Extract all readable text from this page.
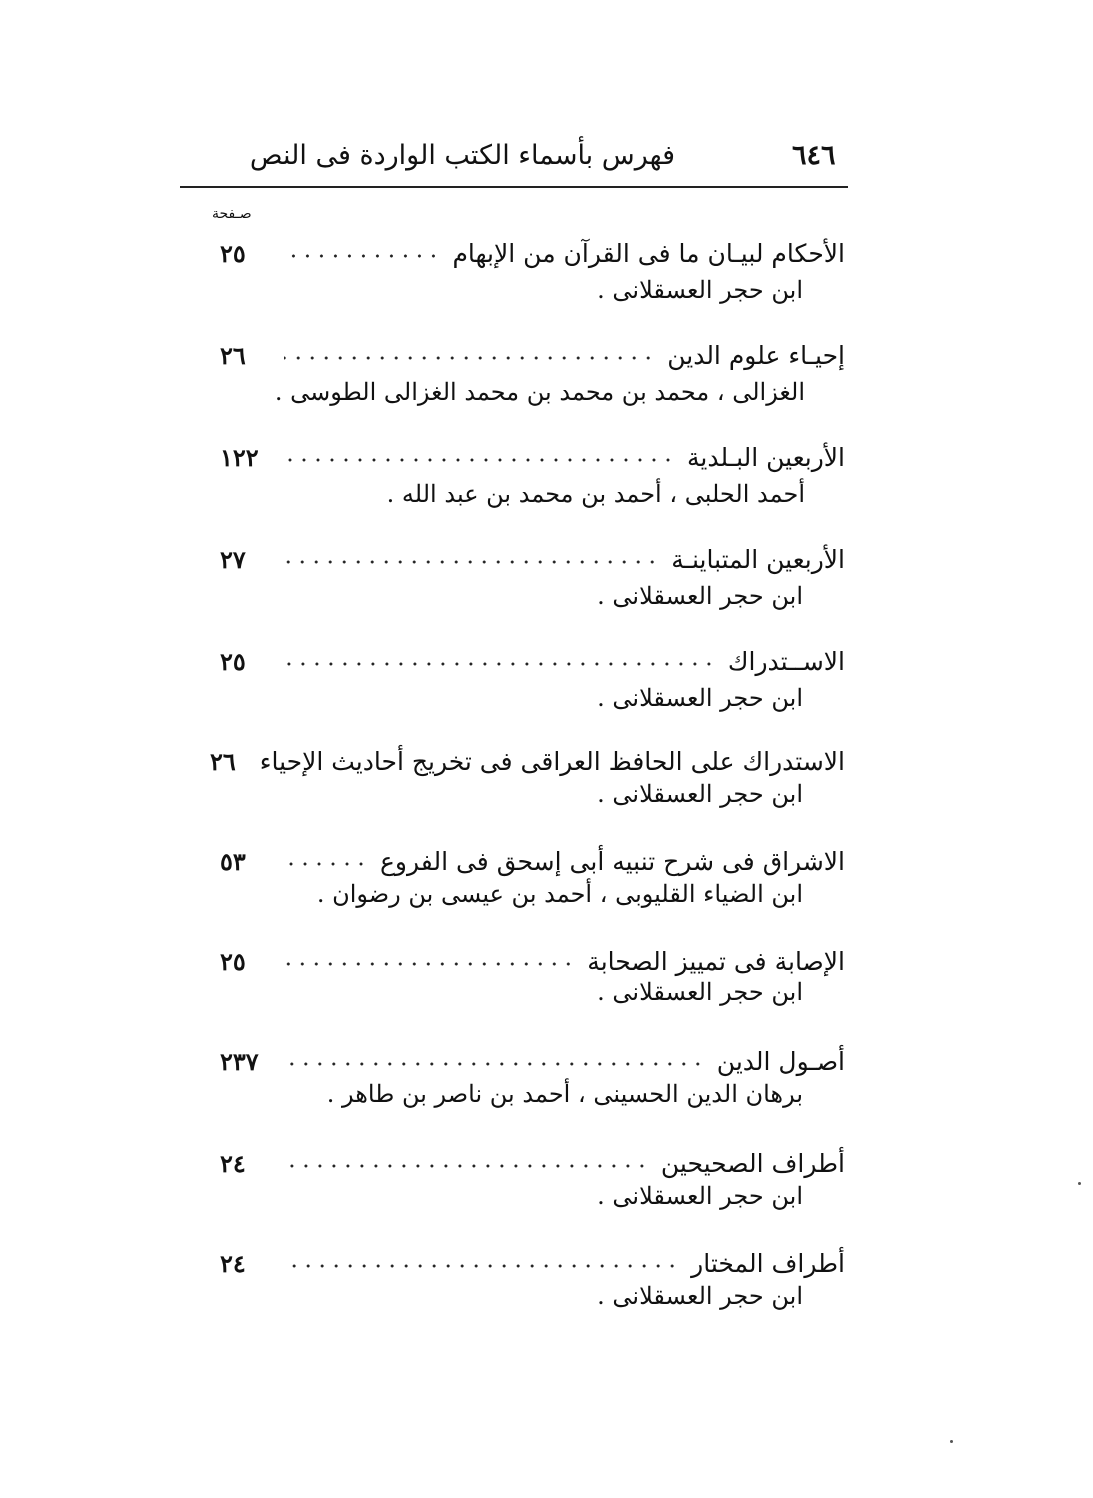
٦٤٦
فهرس بأسماء الكتب الواردة فى النص
صـفحة
الأحكام لبيـان ما فى القرآن من الإبهام
٢٥
ابن حجر العسقلانى .
إحيـاء علوم الدين
٢٦
الغزالى ، محمد بن محمد بن محمد الغزالى الطوسى .
الأربعين البـلدية
١٢٢
أحمد الحلبى ، أحمد بن محمد بن عبد الله .
الأربعين المتباينـة
٢٧
ابن حجر العسقلانى .
الاســتدراك
٢٥
ابن حجر العسقلانى .
الاستدراك على الحافظ العراقى فى تخريج أحاديث الإحياء
٢٦
ابن حجر العسقلانى .
الاشراق فى شرح تنبيه أبى إسحق فى الفروع
٥٣
ابن الضياء القليوبى ، أحمد بن عيسى بن رضوان .
الإصابة فى تمييز الصحابة
٢٥
ابن حجر العسقلانى .
أصـول الدين
٢٣٧
برهان الدين الحسينى ، أحمد بن ناصر بن طاهر .
أطراف الصحيحين
٢٤
ابن حجر العسقلانى .
أطراف المختار
٢٤
ابن حجر العسقلانى .
